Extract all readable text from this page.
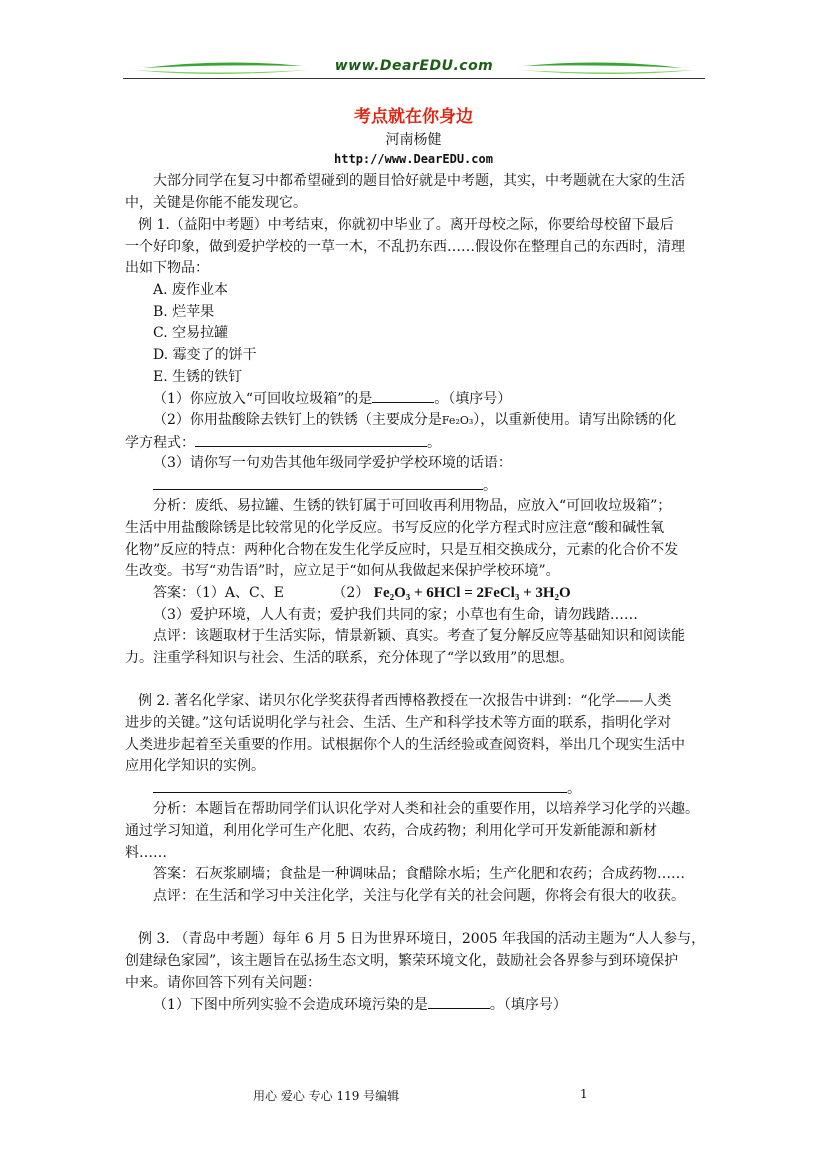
www.DearEDU.com
考点就在你身边
河南杨健
http://www.DearEDU.com
大部分同学在复习中都希望碰到的题目恰好就是中考题，其实，中考题就在大家的生活
中，关键是你能不能发现它。
例 1.（益阳中考题）中考结束，你就初中毕业了。离开母校之际，你要给母校留下最后
一个好印象，做到爱护学校的一草一木，不乱扔东西……假设你在整理自己的东西时，清理
出如下物品：
A. 废作业本
B. 烂苹果
C. 空易拉罐
D. 霉变了的饼干
E. 生锈的铁钉
（1）你应放入“可回收垃圾箱”的是	。（填序号）
（2）你用盐酸除去铁钉上的铁锈（主要成分是Fe₂O₃），以重新使用。请写出除锈的化
学方程式：	。
（3）请你写一句劝告其他年级同学爱护学校环境的话语：
。
分析：废纸、易拉罐、生锈的铁钉属于可回收再利用物品，应放入“可回收垃圾箱”；
生活中用盐酸除锈是比较常见的化学反应。书写反应的化学方程式时应注意“酸和碱性氧
化物”反应的特点：两种化合物在发生化学反应时，只是互相交换成分，元素的化合价不发
生改变。书写“劝告语”时，应立足于“如何从我做起来保护学校环境”。
答案：（1）A、C、E	（2） Fe₂O₃ + 6HCl = 2FeCl₃ + 3H₂O
（3）爱护环境，人人有责；爱护我们共同的家；小草也有生命，请勿践踏……
点评：该题取材于生活实际，情景新颖、真实。考查了复分解反应等基础知识和阅读能
力。注重学科知识与社会、生活的联系，充分体现了“学以致用”的思想。
例 2. 著名化学家、诺贝尔化学奖获得者西博格教授在一次报告中讲到：“化学——人类
进步的关键。”这句话说明化学与社会、生活、生产和科学技术等方面的联系，指明化学对
人类进步起着至关重要的作用。试根据你个人的生活经验或查阅资料，举出几个现实生活中
应用化学知识的实例。
。
分析：本题旨在帮助同学们认识化学对人类和社会的重要作用，以培养学习化学的兴趣。
通过学习知道，利用化学可生产化肥、农药，合成药物；利用化学可开发新能源和新材
料……
答案：石灰浆刷墙；食盐是一种调味品；食醋除水垢；生产化肥和农药；合成药物……
点评：在生活和学习中关注化学，关注与化学有关的社会问题，你将会有很大的收获。
例 3. （青岛中考题）每年 6 月 5 日为世界环境日，2005 年我国的活动主题为“人人参与，
创建绿色家园”，该主题旨在弘扬生态文明，繁荣环境文化，鼓励社会各界参与到环境保护
中来。请你回答下列有关问题：
（1）下图中所列实验不会造成环境污染的是	。（填序号）
用心 爱心 专心 119 号编辑	1
